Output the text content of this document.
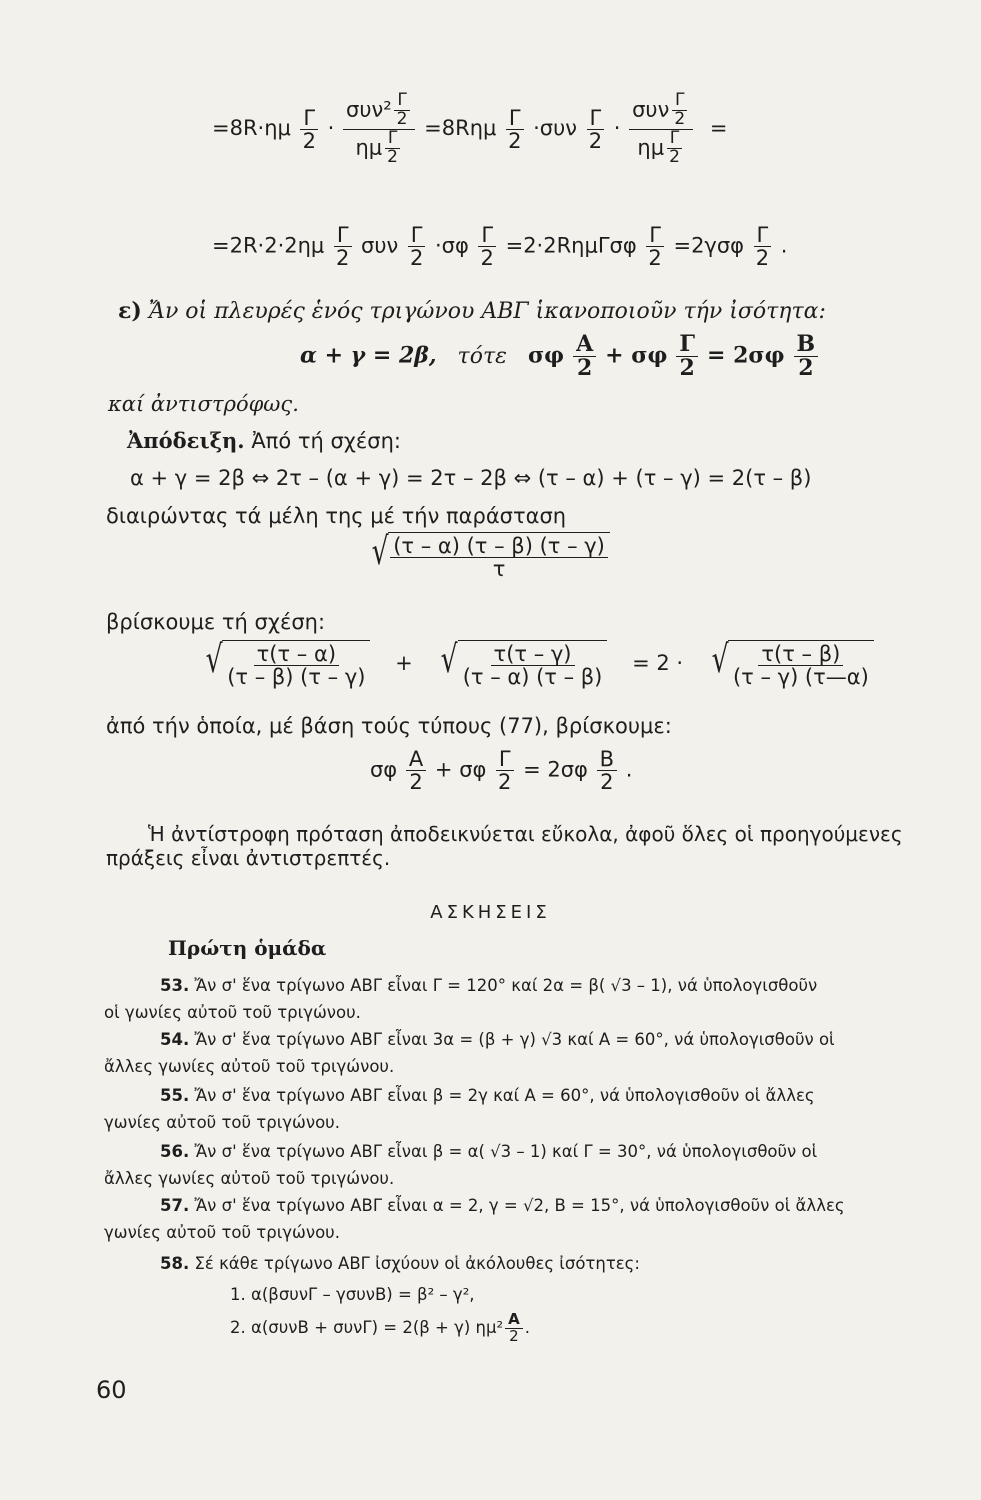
$=8R\cdot\eta\mu \frac{\Gamma}{2} \cdot \frac{\sigma\upsilon\nu^2 \frac{\Gamma}{2}}{\eta\mu \frac{\Gamma}{2}} =8R\eta\mu \frac{\Gamma}{2} \cdot\sigma\upsilon\nu \frac{\Gamma}{2} \cdot \frac{\sigma\upsilon\nu \frac{\Gamma}{2}}{\eta\mu \frac{\Gamma}{2}}$ =
$=2R\cdot 2\cdot 2\eta\mu \frac{\Gamma}{2}$ συν $\frac{\Gamma}{2} \cdot\sigma\varphi \frac{\Gamma}{2} =2\cdot 2R\eta\mu\Gamma\sigma\varphi \frac{\Gamma}{2} =2\gamma\sigma\varphi \frac{\Gamma}{2}$ .
ε) Ἄν οἱ πλευρές ἑνός τριγώνου ΑΒΓ ἱκανοποιοῦν τήν ἰσότητα:
α + γ = 2β, τότε σφ $\frac{A}{2} + \sigma\varphi \frac{\Gamma}{2} = 2\sigma\varphi \frac{B}{2}$
καί ἀντιστρόφως.
Ἀπόδειξη. Ἀπό τή σχέση:
α + γ = 2β ⇔ 2τ – (α + γ) = 2τ – 2β ⇔ (τ – α) + (τ – γ) = 2(τ – β)
διαιρώντας τά μέλη της μέ τήν παράσταση
√ $\frac{(\tau - \alpha) (\tau - \beta) (\tau - \gamma)}{\tau}$
βρίσκουμε τή σχέση:
√ $\frac{\tau(\tau - \alpha)}{(\tau - \beta) (\tau - \gamma)}$ + √ $\frac{\tau(\tau - \gamma)}{(\tau - \alpha) (\tau - \beta)} = 2$ · √ $\frac{\tau(\tau - \beta)}{(\tau - \gamma) (\tau—\alpha)}$
ἀπό τήν ὁποία, μέ βάση τούς τύπους (77), βρίσκουμε:
σφ $\frac{A}{2} + \sigma\varphi \frac{\Gamma}{2} = 2\sigma\varphi \frac{B}{2}$ .
Ἡ ἀντίστροφη πρόταση ἀποδεικνύεται εὔκολα, ἀφοῦ ὅλες οἱ προηγούμενες
πράξεις εἶναι ἀντιστρεπτές.
ΑΣΚΗΣΕΙΣ
Πρώτη ὁμάδα
53. Ἄν σ' ἕνα τρίγωνο ΑΒΓ εἶναι Γ = 120° καί 2α = β( √3 – 1), νά ὑπολογισθοῦν
οἱ γωνίες αὐτοῦ τοῦ τριγώνου.
54. Ἄν σ' ἕνα τρίγωνο ΑΒΓ εἶναι 3α = (β + γ) √3 καί Α = 60°, νά ὑπολογισθοῦν οἱ
ἄλλες γωνίες αὐτοῦ τοῦ τριγώνου.
55. Ἄν σ' ἕνα τρίγωνο ΑΒΓ εἶναι β = 2γ καί Α = 60°, νά ὑπολογισθοῦν οἱ ἄλλες
γωνίες αὐτοῦ τοῦ τριγώνου.
56. Ἄν σ' ἕνα τρίγωνο ΑΒΓ εἶναι β = α( √3 – 1) καί Γ = 30°, νά ὑπολογισθοῦν οἱ
ἄλλες γωνίες αὐτοῦ τοῦ τριγώνου.
57. Ἄν σ' ἕνα τρίγωνο ΑΒΓ εἶναι α = 2, γ = √2, Β = 15°, νά ὑπολογισθοῦν οἱ ἄλλες
γωνίες αὐτοῦ τοῦ τριγώνου.
58. Σέ κάθε τρίγωνο ΑΒΓ ἰσχύουν οἱ ἀκόλουθες ἰσότητες:
1. α(βσυνΓ – γσυνΒ) = β² – γ²,
2. α(συνΒ + συνΓ) = 2(β + γ) $\eta\mu^2 \frac{A}{2}$ .
60
